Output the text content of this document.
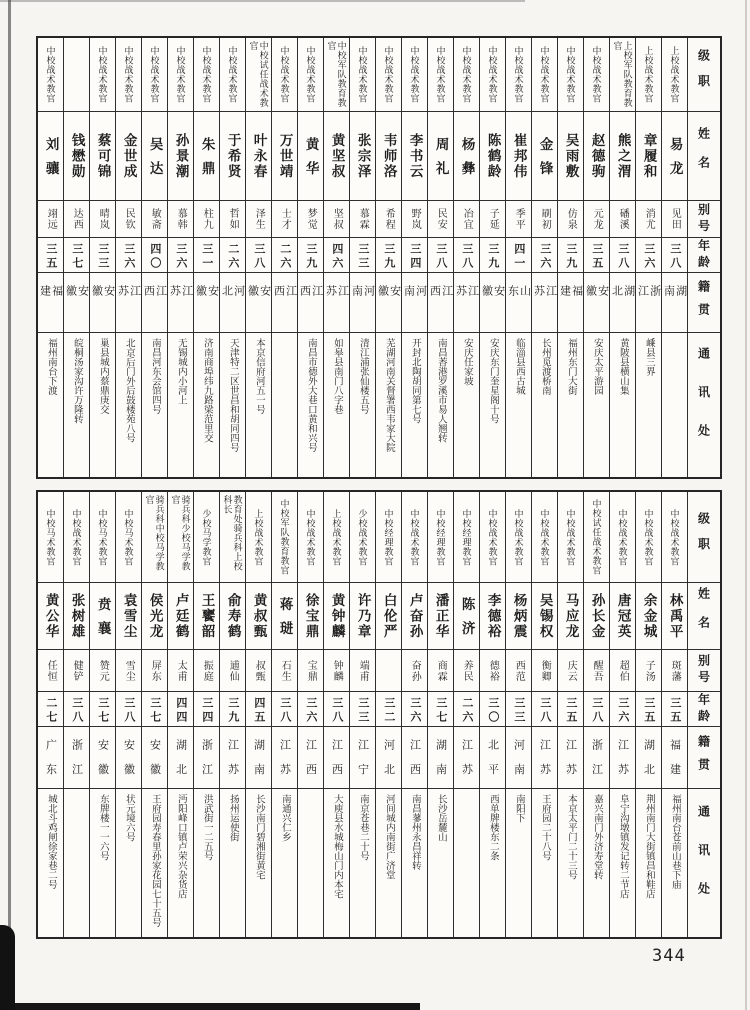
级职
姓名
别号
年龄
籍贯
通讯处
上校战术教官
易龙
见田
三八
湖南
上校战术教官
章履和
消尤
三六
浙江
嵊县三界
上校军队教育教官
熊之渭
磻溪
三八
湖北
黄陂县横山集
中校战术教官
赵德驹
元龙
三五
安徽
安庆太平游园
中校战术教官
吴雨敷
仿泉
三九
福建
福州东门大街
中校战术教官
金锋
刷初
三六
江苏
长州觅渡桥南
中校战术教官
崔邦伟
季平
四一
山东
临淄县西古城
中校战术教官
陈鹤龄
子延
三九
安徽
安庆东门奎星阁十号
中校战术教官
杨彝
冶宜
三八
江苏
安庆任家坡
中校战术教官
周礼
民安
三八
江西
南昌莕港罗溪市易人翘转
中校战术教官
李书云
野岚
三四
河南
开封北陶胡同第七号
中校战术教官
韦师洛
希程
三九
安徽
芜湖河南关督署西韦家大院
中校战术教官
张宗泽
慕霖
三三
河南
清江浦张仙楼五号
中校军队教育教官
黄坚叔
坚叔
四六
江苏
如皋县南门八字巷
中校战术教官
黄华
梦觉
三九
江西
南昌市德外大巷口黄和兴号
中校战术教官
万世靖
士才
二六
江西
中校试任战术教官
叶永春
泽生
三八
安徽
本京信府河五一号
中校战术教官
于希贤
哲如
二六
河北
天津特二区世昌和胡同四号
中校战术教官
朱鼎
柱九
三一
安徽
济南商埠纬九路梁范里交
中校战术教官
孙景潮
慕韩
三六
江苏
无锡城内小河上
中校战术教官
吴达
敏斋
四〇
江西
南昌河东会馆四号
中校战术教官
金世成
民钦
三六
江苏
北京后门外后鼓楼苑八号
中校战术教官
蔡可锦
晴岚
三三
安徽
巢县城内蔡鼎庚交
钱懋勋
达西
三七
安徽
皖桐汤家沟许万隆转
中校战术教官
刘骧
翊远
三五
福建
福州南台下渡
级职
姓名
别号
年龄
籍贯
通讯处
中校战术教官
林禹平
斑藩
三五
福建
福州南台苍前山巷下庙
中校战术教官
余金城
子汤
三五
湖北
荆州南门大街镇昌和鞋店
中校战术教官
唐冠英
超伯
三六
江苏
阜宁沟墩镇发记转二节店
中校试任战术教官
孙长金
醒吾
三八
浙江
嘉兴南门外济寿堂转
中校战术教官
马应龙
庆云
三五
江苏
本京太平门二十三号
中校战术教官
吴锡权
衡卿
三八
江苏
王府园二十八号
中校战术教官
杨炳震
西范
三三
河南
南阳下
中校战术教官
李德裕
德裕
三〇
北平
西单牌楼东二条
中校经理教官
陈济
养民
二六
江苏
中校经理教官
潘正华
商霖
三七
湖南
长沙岳麓山
中校战术教官
卢奋孙
奋孙
三六
江西
南昌蓼州永昌祥转
中校经理教官
白伦严
三二
河北
河间城内南街广济堂
少校战术教官
许乃章
端甫
三三
江宁
南京苍巷二十号
上校战术教官
黄钟麟
钟麟
三八
江西
大庾县水城梅山门内本宅
中校战术教官
徐宝鼎
宝鼎
三六
江西
中校军队教育教官
蒋琎
石生
三八
江苏
南通兴仁乡
上校战术教官
黄叔甄
叔甄
四五
湖南
长沙南门碧湘街黄宅
教育处骑兵科上校科长
俞寿鹤
逋仙
三九
江苏
扬州运使街
少校马学教官
王饔韶
振庭
三四
浙江
洪武街一二五号
骑兵科少校马学教官
卢廷鹤
太甫
四四
湖北
沔阳峰口镇卢荣兴杂货店
骑兵科中校马学教官
侯光龙
屏东
三七
安徽
王府园寿春里孙家花园七十五号
中校马术教官
袁雪尘
雪尘
三八
安徽
状元境六号
中校马术教官
贲襄
赞元
三七
安徽
东牌楼一一六号
中校战术教官
张树雄
健铲
三八
浙江
中校马术教官
黄公华
任恒
二七
广东
城北斗鸡闸徐家巷二号
344
